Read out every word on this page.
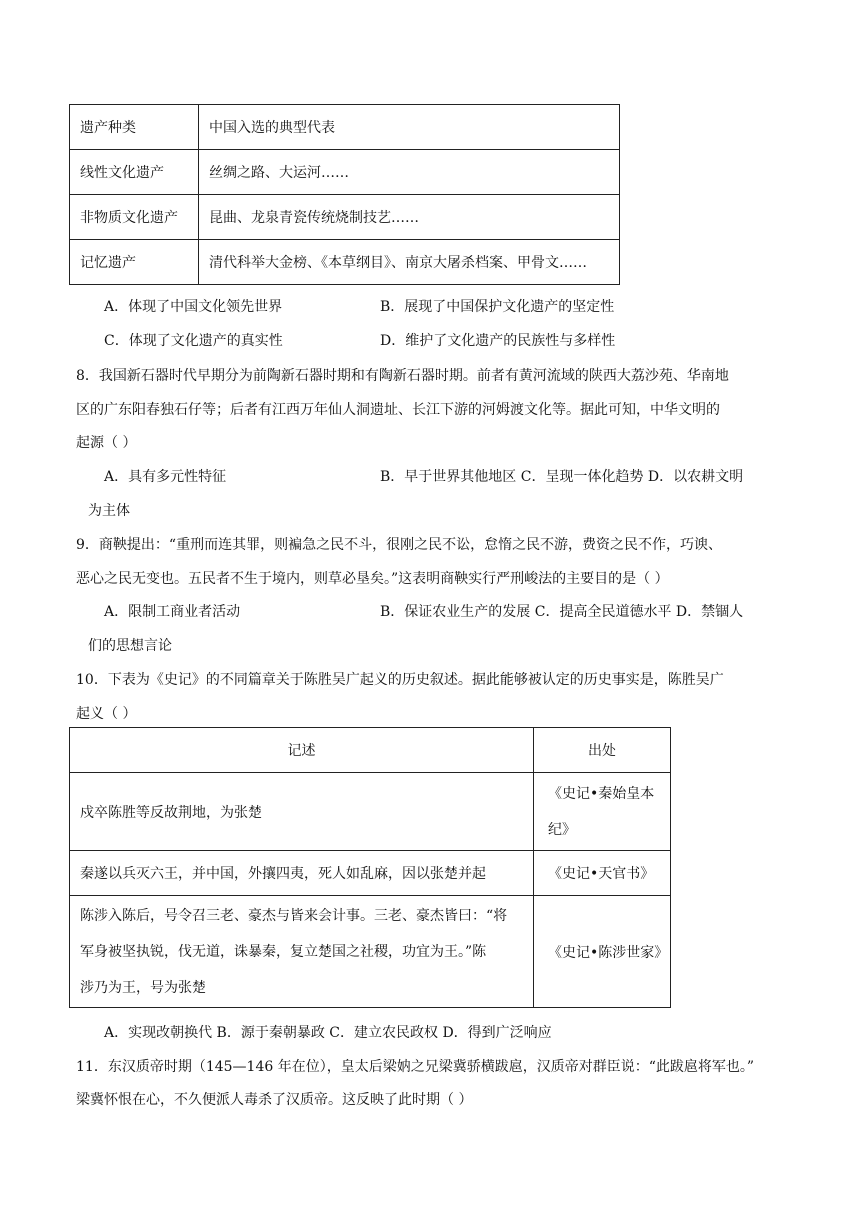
遗产种类	中国入选的典型代表
线性文化遗产	丝绸之路、大运河……
非物质文化遗产	昆曲、龙泉青瓷传统烧制技艺……
记忆遗产	清代科举大金榜、《本草纲目》、南京大屠杀档案、甲骨文……
A．体现了中国文化领先世界	B．展现了中国保护文化遗产的坚定性
C．体现了文化遗产的真实性	D．维护了文化遗产的民族性与多样性
8．我国新石器时代早期分为前陶新石器时期和有陶新石器时期。前者有黄河流域的陕西大荔沙苑、华南地
区的广东阳春独石仔等；后者有江西万年仙人洞遗址、长江下游的河姆渡文化等。据此可知，中华文明的
起源（ ）
A．具有多元性特征	B．早于世界其他地区 C．呈现一体化趋势 D．以农耕文明
为主体
9．商鞅提出：“重刑而连其罪，则褊急之民不斗，很刚之民不讼，怠惰之民不游，费资之民不作，巧谀、
恶心之民无变也。五民者不生于境内，则草必垦矣。”这表明商鞅实行严刑峻法的主要目的是（ ）
A．限制工商业者活动	B．保证农业生产的发展 C．提高全民道德水平 D．禁锢人
们的思想言论
10．下表为《史记》的不同篇章关于陈胜吴广起义的历史叙述。据此能够被认定的历史事实是，陈胜吴广
起义（ ）
记述	出处
戍卒陈胜等反故荆地，为张楚	《史记•秦始皇本
纪》

秦遂以兵灭六王，并中国，外攘四夷，死人如乱麻，因以张楚并起	《史记•天官书》

陈涉入陈后，号令召三老、豪杰与皆来会计事。三老、豪杰皆曰：“将
军身被坚执锐，伐无道，诛暴秦，复立楚国之社稷，功宜为王。”陈
涉乃为王，号为张楚	《史记•陈涉世家》
A．实现改朝换代 B．源于秦朝暴政 C．建立农民政权 D．得到广泛响应
11．东汉质帝时期（145—146 年在位），皇太后梁妠之兄梁冀骄横跋扈，汉质帝对群臣说：“此跋扈将军也。”
梁冀怀恨在心，不久便派人毒杀了汉质帝。这反映了此时期（ ）
